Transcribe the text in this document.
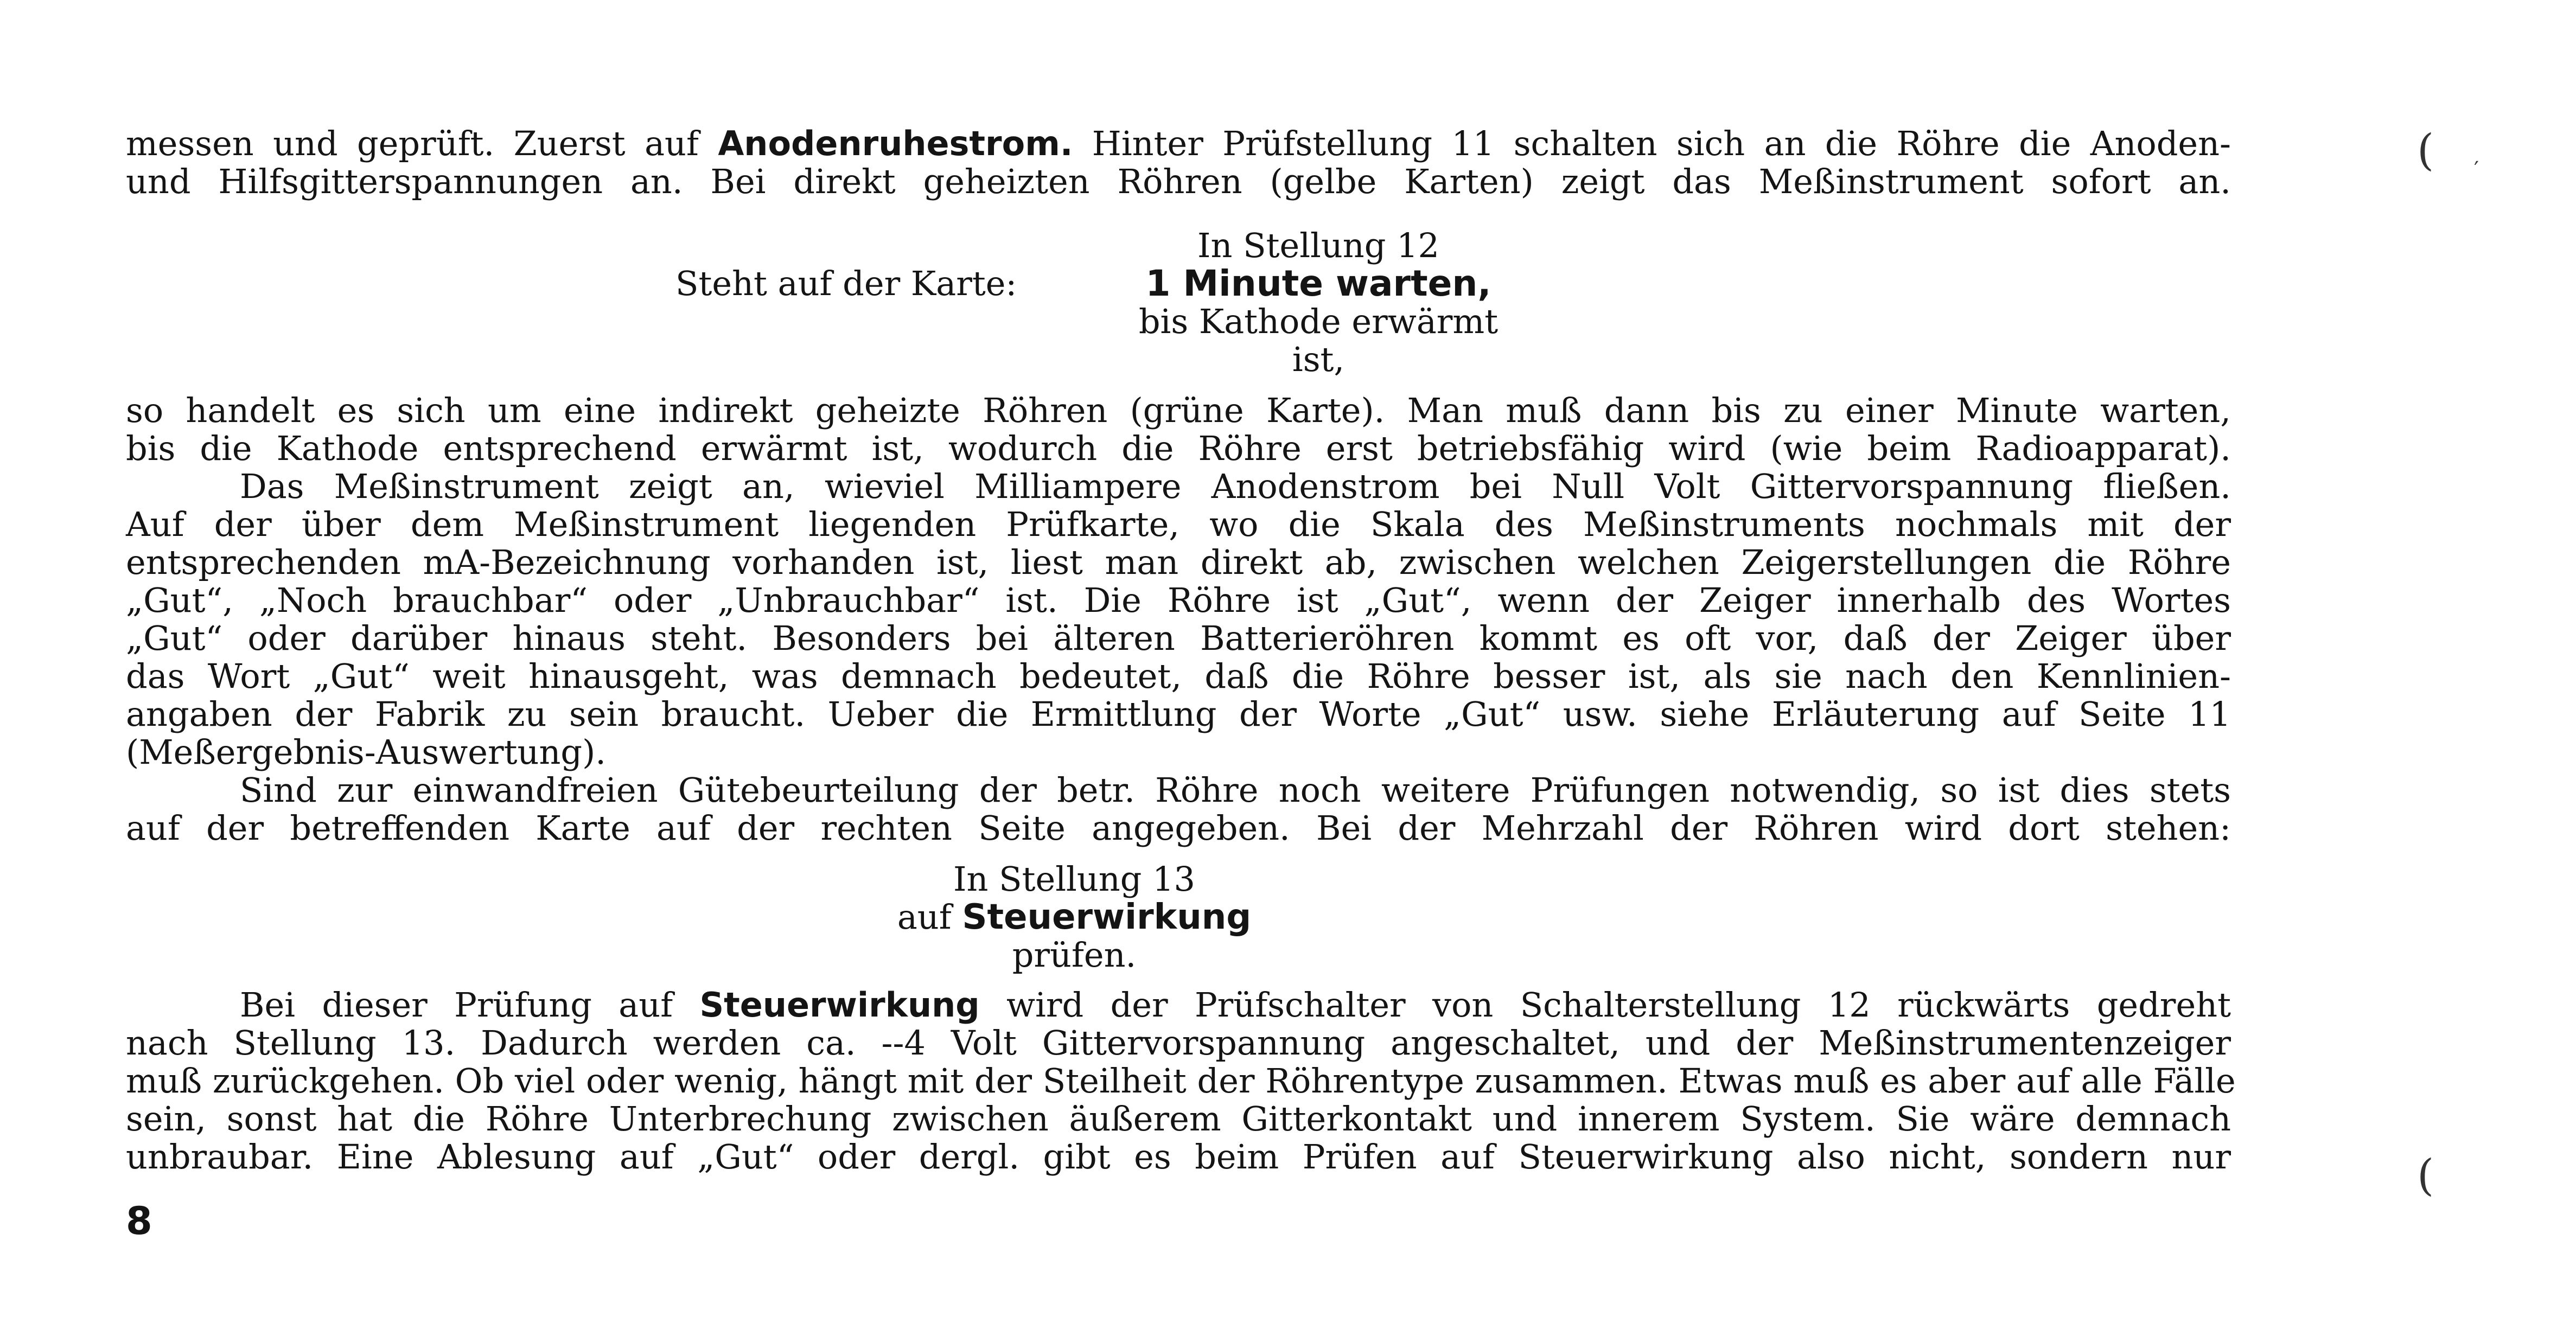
messen und geprüft. Zuerst auf Anodenruhestrom. Hinter Prüfstellung 11 schalten sich an die Röhre die Anoden-
und Hilfsgitterspannungen an. Bei direkt geheizten Röhren (gelbe Karten) zeigt das Meßinstrument sofort an.
In Stellung 12
1 Minute warten,
bis Kathode erwärmt
ist,
Steht auf der Karte:
so handelt es sich um eine indirekt geheizte Röhren (grüne Karte). Man muß dann bis zu einer Minute warten,
bis die Kathode entsprechend erwärmt ist, wodurch die Röhre erst betriebsfähig wird (wie beim Radioapparat).
Das Meßinstrument zeigt an, wieviel Milliampere Anodenstrom bei Null Volt Gittervorspannung fließen.
Auf der über dem Meßinstrument liegenden Prüfkarte, wo die Skala des Meßinstruments nochmals mit der
entsprechenden mA-Bezeichnung vorhanden ist, liest man direkt ab, zwischen welchen Zeigerstellungen die Röhre
„Gut“, „Noch brauchbar“ oder „Unbrauchbar“ ist. Die Röhre ist „Gut“, wenn der Zeiger innerhalb des Wortes
„Gut“ oder darüber hinaus steht. Besonders bei älteren Batterieröhren kommt es oft vor, daß der Zeiger über
das Wort „Gut“ weit hinausgeht, was demnach bedeutet, daß die Röhre besser ist, als sie nach den Kennlinien-
angaben der Fabrik zu sein braucht. Ueber die Ermittlung der Worte „Gut“ usw. siehe Erläuterung auf Seite 11
(Meßergebnis-Auswertung).
Sind zur einwandfreien Gütebeurteilung der betr. Röhre noch weitere Prüfungen notwendig, so ist dies stets
auf der betreffenden Karte auf der rechten Seite angegeben. Bei der Mehrzahl der Röhren wird dort stehen:
In Stellung 13
auf Steuerwirkung
prüfen.
Bei dieser Prüfung auf Steuerwirkung wird der Prüfschalter von Schalterstellung 12 rückwärts gedreht
nach Stellung 13. Dadurch werden ca. --4 Volt Gittervorspannung angeschaltet, und der Meßinstrumentenzeiger
muß zurückgehen. Ob viel oder wenig, hängt mit der Steilheit der Röhrentype zusammen. Etwas muß es aber auf alle Fälle
sein, sonst hat die Röhre Unterbrechung zwischen äußerem Gitterkontakt und innerem System. Sie wäre demnach
unbraubar. Eine Ablesung auf „Gut“ oder dergl. gibt es beim Prüfen auf Steuerwirkung also nicht, sondern nur
8
( ′
(
